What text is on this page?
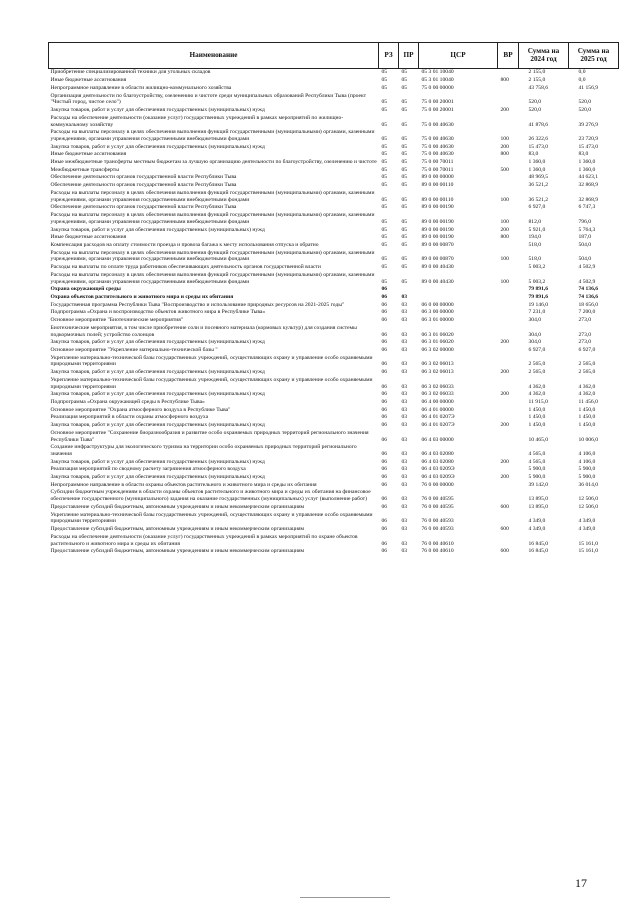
Наименование	РЗ	ПР	ЦСР	ВР	Сумма на 2024 год	Сумма на 2025 год
Приобретение специализированной техники для угольных складов	05	05	05 3 01 10040		2 155,0	0,0
Иные бюджетные ассигнования	05	05	05 3 01 10040	800	2 155,0	0,0
Непрограммное направление в области жилищно-коммунального хозяйства	05	05	75 0 00 00000		43 758,6	41 156,9
Организация деятельности по благоустройству, озеленению и чистоте среди муниципальных образований Республики Тыва (проект "Чистый город, чистое село")	05	05	75 0 00 20001		520,0	520,0
Закупка товаров, работ и услуг для обеспечения государственных (муниципальных) нужд	05	05	75 0 00 20001	200	520,0	520,0
Расходы на обеспечение деятельности (оказание услуг) государственных учреждений в рамках мероприятий по жилищно-коммунальному хозяйству	05	05	75 0 00 40630		41 878,6	39 276,9
Расходы на выплаты персоналу в целях обеспечения выполнения функций государственными (муниципальными) органами, казенными учреждениями, органами управления государственными внебюджетными фондами	05	05	75 0 00 40630	100	26 322,6	23 720,9
Закупка товаров, работ и услуг для обеспечения государственных (муниципальных) нужд	05	05	75 0 00 40630	200	15 473,0	15 473,0
Иные бюджетные ассигнования	05	05	75 0 00 40630	800	83,0	83,0
Иные межбюджетные трансферты местным бюджетам за лучшую организацию деятельности по благоустройству, озеленению и чистоте	05	05	75 0 00 70011		1 360,0	1 360,0
Межбюджетные трансферты	05	05	75 0 00 70011	500	1 360,0	1 360,0
Обеспечение деятельности органов государственной власти Республики Тыва	05	05	89 0 00 00000		48 969,5	44 623,1
Обеспечение деятельности органов государственной власти Республики Тыва	05	05	89 0 00 00110		36 521,2	32 868,9
Расходы на выплаты персоналу в целях обеспечения выполнения функций государственными (муниципальными) органами, казенными учреждениями, органами управления государственными внебюджетными фондами	05	05	89 0 00 00110	100	36 521,2	32 868,9
Обеспечение деятельности органов государственной власти Республики Тыва	05	05	89 0 00 00190		6 927,0	6 747,3
Расходы на выплаты персоналу в целях обеспечения выполнения функций государственными (муниципальными) органами, казенными учреждениями, органами управления государственными внебюджетными фондами	05	05	89 0 00 00190	100	812,0	796,0
Закупка товаров, работ и услуг для обеспечения государственных (муниципальных) нужд	05	05	89 0 00 00190	200	5 921,0	5 764,3
Иные бюджетные ассигнования	05	05	89 0 00 00190	800	194,0	187,0
Компенсация расходов на оплату стоимости проезда и провоза багажа к месту использования отпуска и обратно	05	05	89 0 00 00870		518,0	504,0
Расходы на выплаты персоналу в целях обеспечения выполнения функций государственными (муниципальными) органами, казенными учреждениями, органами управления государственными внебюджетными фондами	05	05	89 0 00 00870	100	518,0	504,0
Расходы на выплаты по оплате труда работников обеспечивающих деятельность органов государственной власти	05	05	89 0 00 40430		5 003,2	4 502,9
Расходы на выплаты персоналу в целях обеспечения выполнения функций государственными (муниципальными) органами, казенными учреждениями, органами управления государственными внебюджетными фондами	05	05	89 0 00 40430	100	5 003,2	4 502,9
Охрана окружающей среды	06				79 891,6	74 136,6
Охрана объектов растительного и животного мира и среды их обитания	06	03			79 891,6	74 136,6
Государственная программа Республики Тыва "Воспроизводство и использование природных ресурсов на 2021-2025 годы"	06	03	06 0 00 00000		19 146,0	18 656,0
Подпрограмма «Охрана и воспроизводство объектов животного мира в Республике Тыва»	06	03	06 3 00 00000		7 231,0	7 200,0
Основное мероприятие "Биотехнические мероприятия"	06	03	06 3 01 00000		304,0	273,0
Биотехнические мероприятия, в том числе приобретение соли и посевного материала (кормовых культур) для создания системы подкормочных полей; устройство солонцов	06	03	06 3 01 06020		304,0	273,0
Закупка товаров, работ и услуг для обеспечения государственных (муниципальных) нужд	06	03	06 3 01 06020	200	304,0	273,0
Основное мероприятие "Укрепление материально-технической базы "	06	03	06 3 02 00000		6 927,0	6 927,0
Укрепление материально-технической базы государственных учреждений, осуществляющих охрану и управление особо охраняемыми природными территориями	06	03	06 3 02 06013		2 565,0	2 565,0
Закупка товаров, работ и услуг для обеспечения государственных (муниципальных) нужд	06	03	06 3 02 06013	200	2 565,0	2 565,0
Укрепление материально-технической базы государственных учреждений, осуществляющих охрану и управление особо охраняемыми природными территориями	06	03	06 3 02 06033		4 362,0	4 362,0
Закупка товаров, работ и услуг для обеспечения государственных (муниципальных) нужд	06	03	06 3 02 06033	200	4 362,0	4 362,0
Подпрограмма «Охрана окружающей среды в Республике Тыва»	06	03	06 4 00 00000		11 915,0	11 456,0
Основное мероприятие "Охрана атмосферного воздуха в Республике Тыва"	06	03	06 4 01 00000		1 450,0	1 450,0
Реализация мероприятий в области охраны атмосферного воздуха	06	03	06 4 01 0207Э		1 450,0	1 450,0
Закупка товаров, работ и услуг для обеспечения государственных (муниципальных) нужд	06	03	06 4 01 0207Э	200	1 450,0	1 450,0
Основное мероприятие "Сохранение биоразнообразия и развитие особо охраняемых природных территорий регионального значения Республики Тыва"	06	03	06 4 03 00000		10 465,0	10 006,0
Создание инфраструктуры для экологического туризма на территории особо охраняемых природных территорий регионального значения	06	03	06 4 03 02080		4 565,0	4 106,0
Закупка товаров, работ и услуг для обеспечения государственных (муниципальных) нужд	06	03	06 4 03 02080	200	4 565,0	4 106,0
Реализация мероприятий по сводному расчету загрязнения атмосферного воздуха	06	03	06 4 03 0209Э		5 900,0	5 900,0
Закупка товаров, работ и услуг для обеспечения государственных (муниципальных) нужд	06	03	06 4 03 0209Э	200	5 900,0	5 900,0
Непрограммное направление в области охраны объектов растительного и животного мира и среды их обитания	06	03	76 0 00 00000		39 142,0	36 014,0
Субсидии бюджетным учреждениям в области охраны объектов растительного и животного мира и среды их обитания на финансовое обеспечение государственного (муниципального) задания на оказание государственных (муниципальных) услуг (выполнение работ)	06	03	76 0 00 40595		13 895,0	12 506,0
Предоставление субсидий бюджетным, автономным учреждениям и иным некоммерческим организациям	06	03	76 0 00 40595	600	13 895,0	12 506,0
Укрепление материально-технической базы государственных учреждений, осуществляющих охрану и управление особо охраняемыми природными территориями	06	03	76 0 00 40593		4 349,0	4 349,0
Предоставление субсидий бюджетным, автономным учреждениям и иным некоммерческим организациям	06	03	76 0 00 40593	600	4 349,0	4 349,0
Расходы на обеспечение деятельности (оказание услуг) государственных учреждений в рамках мероприятий по охране объектов растительного и животного мира и среды их обитания	06	03	76 0 00 40610		16 845,0	15 161,0
Предоставление субсидий бюджетным, автономным учреждениям и иным некоммерческим организациям	06	03	76 0 00 40610	600	16 845,0	15 161,0
17
